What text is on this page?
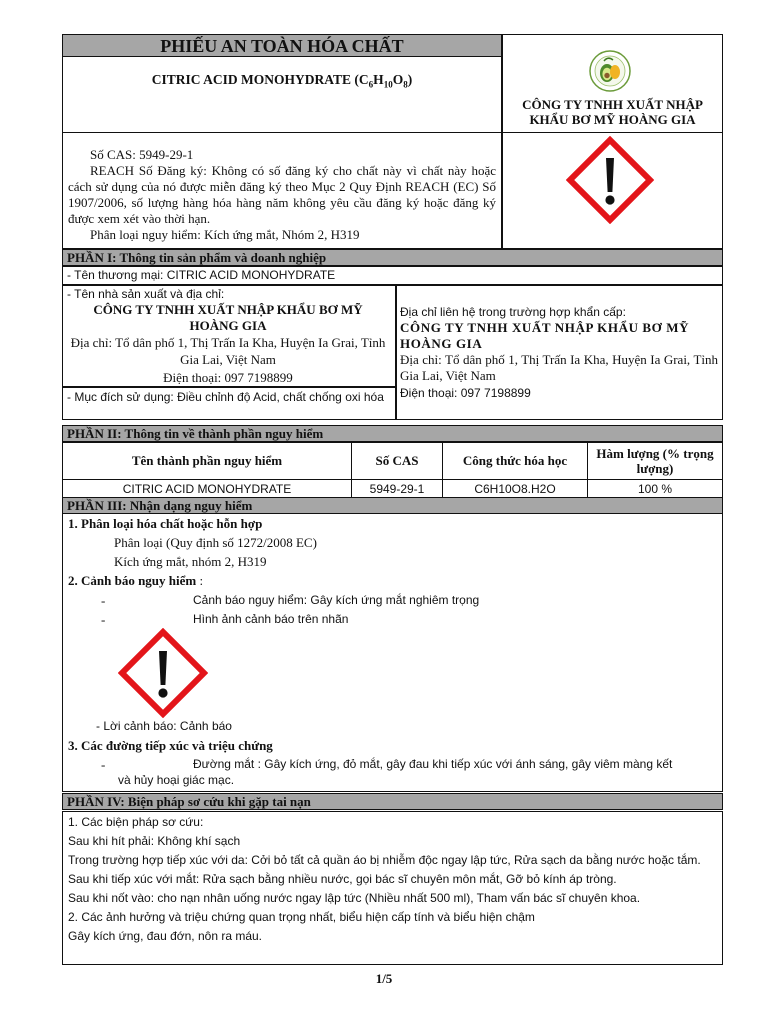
PHIẾU AN TOÀN HÓA CHẤT
CITRIC ACID MONOHYDRATE $(C_6H_{10}O_8)$
CÔNG TY TNHH XUẤT NHẬP
KHẨU BƠ MỸ HOÀNG GIA
Số CAS: 5949-29-1
REACH Số Đăng ký: Không có số đăng ký cho chất này vì chất này hoặc cách sử dụng của nó được miễn đăng ký theo Mục 2 Quy Định REACH (EC) Số 1907/2006, số lượng hàng hóa hàng năm không yêu cầu đăng ký hoặc đăng ký được xem xét vào thời hạn.
Phân loại nguy hiểm: Kích ứng mắt, Nhóm 2, H319
PHẦN I: Thông tin sản phẩm và doanh nghiệp
- Tên thương mại: CITRIC ACID MONOHYDRATE
- Tên nhà sản xuất và địa chỉ:
CÔNG TY TNHH XUẤT NHẬP KHẨU BƠ MỸ HOÀNG GIA
Địa chỉ: Tổ dân phố 1, Thị Trấn Ia Kha, Huyện Ia Grai, Tỉnh Gia Lai, Việt Nam
Điện thoại: 097 7198899
- Mục đích sử dụng: Điều chỉnh độ Acid, chất chống oxi hóa
Địa chỉ liên hệ trong trường hợp khẩn cấp:
CÔNG TY TNHH XUẤT NHẬP KHẨU BƠ MỸ HOÀNG GIA
Địa chỉ: Tổ dân phố 1, Thị Trấn Ia Kha, Huyện Ia Grai, Tỉnh Gia Lai, Việt Nam
Điện thoại: 097 7198899
PHẦN II: Thông tin về thành phần nguy hiểm
Tên thành phần nguy hiểm	Số CAS	Công thức hóa học	Hàm lượng (% trọng lượng)
CITRIC ACID MONOHYDRATE	5949-29-1	C6H10O8.H2O	100 %
PHẦN III: Nhận dạng nguy hiểm
1. Phân loại hóa chất hoặc hỗn hợp
Phân loại (Quy định số 1272/2008 EC)
Kích ứng mắt, nhóm 2, H319
2. Cảnh báo nguy hiểm :
-	Cảnh báo nguy hiểm: Gây kích ứng mắt nghiêm trọng
-	Hình ảnh cảnh báo trên nhãn
- Lời cảnh báo: Cảnh báo
3. Các đường tiếp xúc và triệu chứng
-	Đường mắt : Gây kích ứng, đỏ mắt, gây đau khi tiếp xúc với ánh sáng, gây viêm màng kết
và hủy hoại giác mạc.
PHẦN IV: Biện pháp sơ cứu khi gặp tai nạn
1. Các biện pháp sơ cứu:
Sau khi hít phải: Không khí sạch
Trong trường hợp tiếp xúc với da: Cởi bỏ tất cả quần áo bị nhiễm độc ngay lập tức, Rửa sạch da bằng nước hoặc tắm.
Sau khi tiếp xúc với mắt: Rửa sạch bằng nhiều nước, gọi bác sĩ chuyên môn mắt, Gỡ bỏ kính áp tròng.
Sau khi nốt vào: cho nạn nhân uống nước ngay lập tức (Nhiều nhất 500 ml), Tham vấn bác sĩ chuyên khoa.
2. Các ảnh hưởng và triệu chứng quan trọng nhất, biểu hiện cấp tính và biểu hiện chậm
Gây kích ứng, đau đớn, nôn ra máu.
1/5
